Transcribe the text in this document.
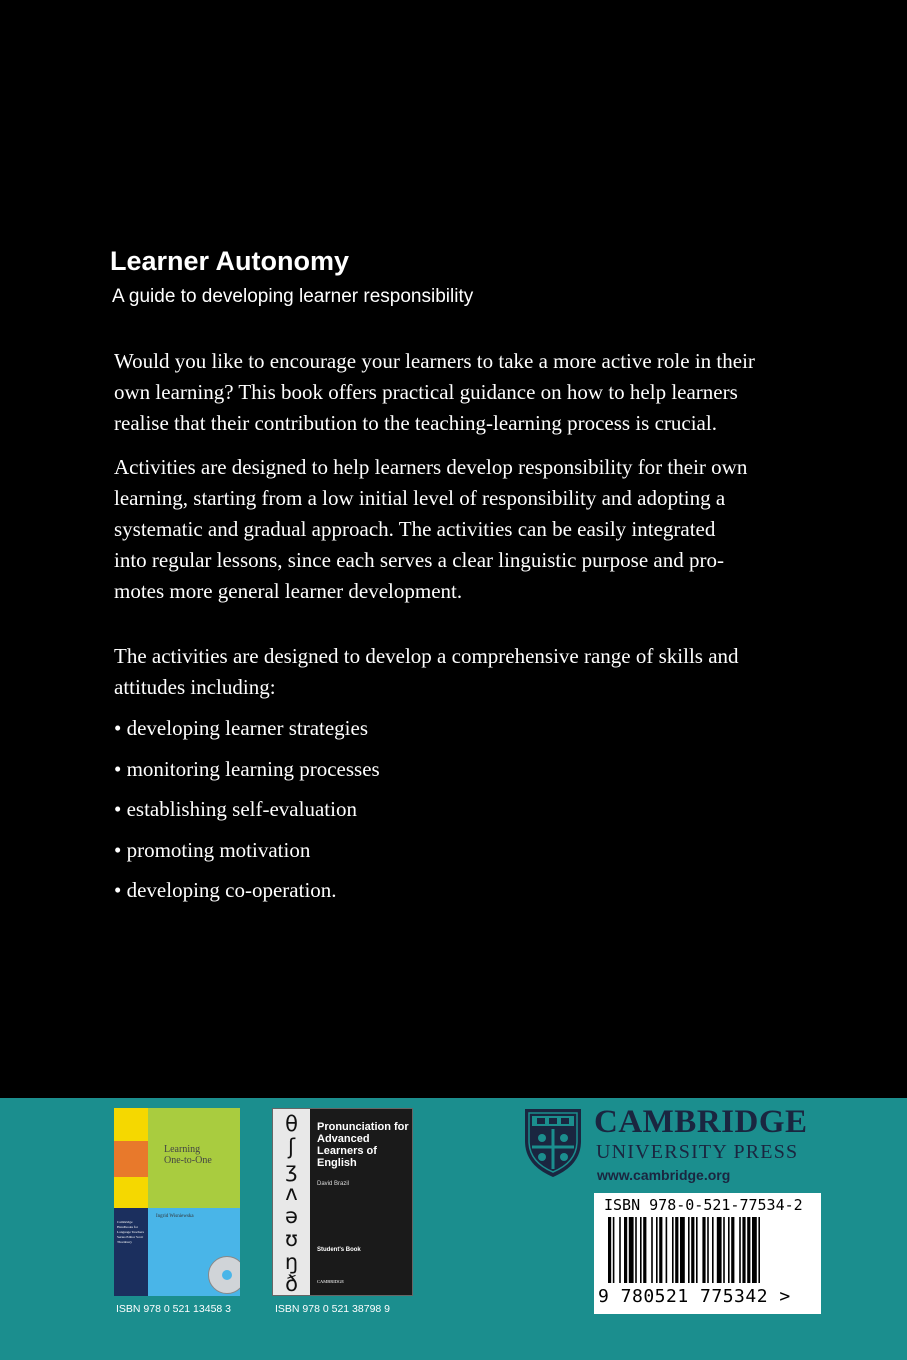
Learner Autonomy
A guide to developing learner responsibility
Would you like to encourage your learners to take a more active role in their
own learning? This book offers practical guidance on how to help learners
realise that their contribution to the teaching-learning process is crucial.
Activities are designed to help learners develop responsibility for their own
learning, starting from a low initial level of responsibility and adopting a
systematic and gradual approach. The activities can be easily integrated
into regular lessons, since each serves a clear linguistic purpose and pro-
motes more general learner development.
The activities are designed to develop a comprehensive range of skills and
attitudes including:
• developing learner strategies
• monitoring learning processes
• establishing self-evaluation
• promoting motivation
• developing co-operation.
Learning
One-to-One
Ingrid Wisniewska
Cambridge Handbooks for Language Teachers
Series Editor Scott Thornbury
ISBN 978 0 521 13458 3
θ
ʃ
ʒ
ʌ
ə
ʊ
ŋ
ð
Pronunciation for Advanced Learners of English
David Brazil
Student's Book
CAMBRIDGE
ISBN 978 0 521 38798 9
CAMBRIDGE
UNIVERSITY PRESS
www.cambridge.org
ISBN 978-0-521-77534-2
9 780521 775342 >
